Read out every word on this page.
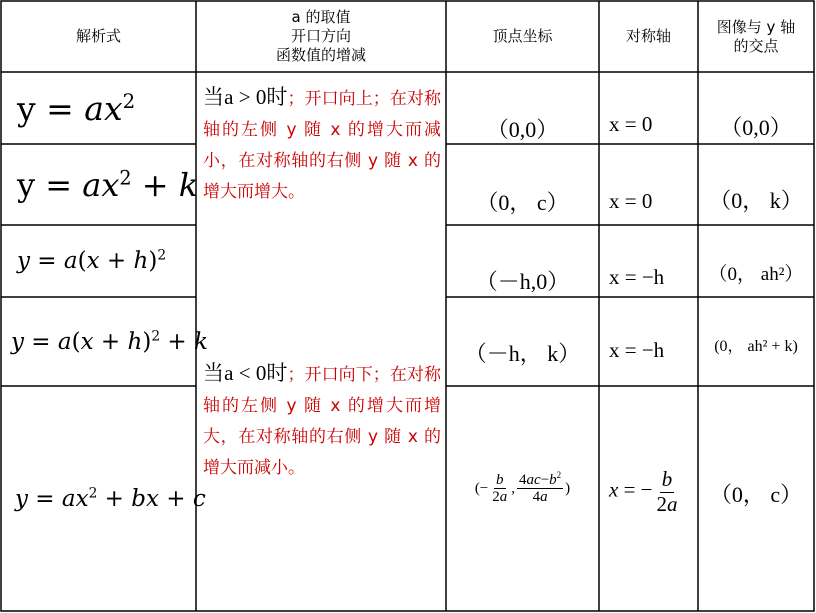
解析式
a 的取值
开口方向
函数值的增减
顶点坐标	对称轴
图像与 y 轴
的交点
$y = ax^2$
$y = ax^2 + k$
$y = a(x + h)^2$
$y = a(x + h)^2 + k$
$y = ax^2$ + bx + c
当a > 0时；开口向上；在对称轴的左侧 y 随 x 的增大而减小，在对称轴的右侧 y 随 x 的增大而增大。
当a < 0时；开口向下；在对称轴的左侧 y 随 x 的增大而增大，在对称轴的右侧 y 随 x 的增大而减小。
（0,0）
（0， c）
（－h,0）
（－h， k）
(− $\frac{b}{2a}$ , $\frac{4ac-b^2}{4a}$ )
x = 0
x = 0
x = −h
x = −h
x = − $\frac{b}{2a}$
（0,0）
（0， k）
（0， ah²）
(0， ah² + k)
（0， c）
